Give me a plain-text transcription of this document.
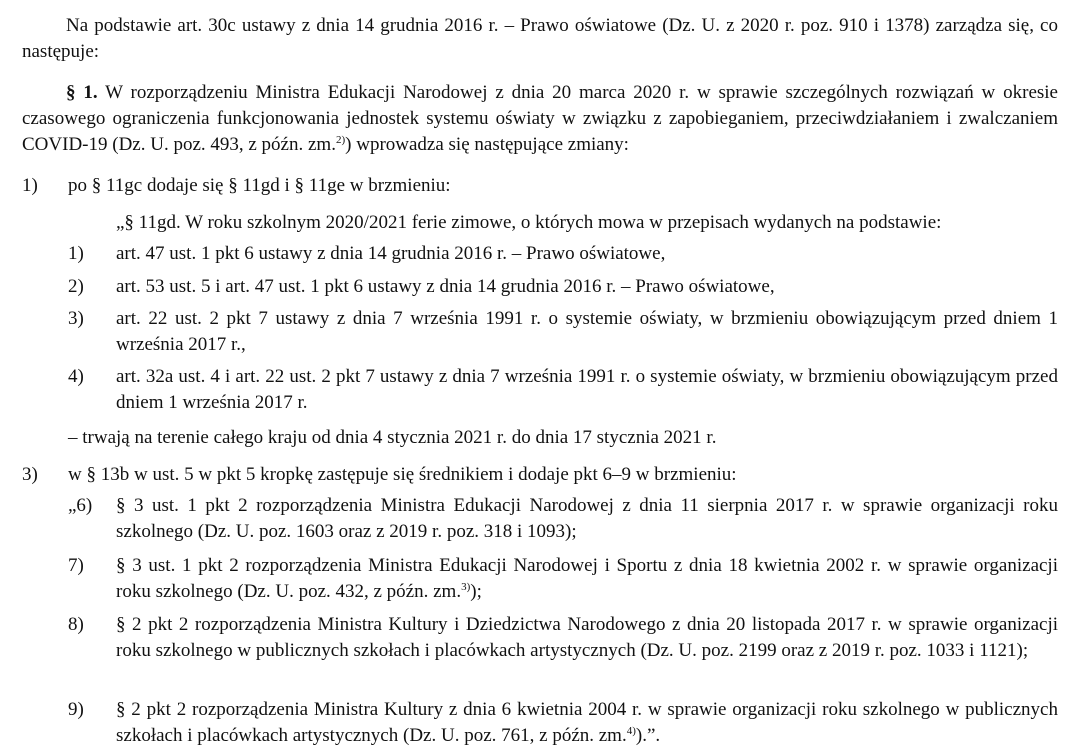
Na podstawie art. 30c ustawy z dnia 14 grudnia 2016 r. – Prawo oświatowe (Dz. U. z 2020 r. poz. 910 i 1378) zarządza się, co następuje:
§ 1. W rozporządzeniu Ministra Edukacji Narodowej z dnia 20 marca 2020 r. w sprawie szczególnych rozwiązań w okresie czasowego ograniczenia funkcjonowania jednostek systemu oświaty w związku z zapobieganiem, przeciwdziałaniem i zwalczaniem COVID-19 (Dz. U. poz. 493, z późn. zm.$^{2)}$) wprowadza się następujące zmiany:
1)	po § 11gc dodaje się § 11gd i § 11ge w brzmieniu:
„§ 11gd. W roku szkolnym 2020/2021 ferie zimowe, o których mowa w przepisach wydanych na podstawie:
1)	art. 47 ust. 1 pkt 6 ustawy z dnia 14 grudnia 2016 r. – Prawo oświatowe,
2)	art. 53 ust. 5 i art. 47 ust. 1 pkt 6 ustawy z dnia 14 grudnia 2016 r. – Prawo oświatowe,
3)	art. 22 ust. 2 pkt 7 ustawy z dnia 7 września 1991 r. o systemie oświaty, w brzmieniu obowiązującym przed dniem 1 września 2017 r.,
4)	art. 32a ust. 4 i art. 22 ust. 2 pkt 7 ustawy z dnia 7 września 1991 r. o systemie oświaty, w brzmieniu obowiązującym przed dniem 1 września 2017 r.
– trwają na terenie całego kraju od dnia 4 stycznia 2021 r. do dnia 17 stycznia 2021 r.
3)	w § 13b w ust. 5 w pkt 5 kropkę zastępuje się średnikiem i dodaje pkt 6–9 w brzmieniu:
„6)	§ 3 ust. 1 pkt 2 rozporządzenia Ministra Edukacji Narodowej z dnia 11 sierpnia 2017 r. w sprawie organizacji roku szkolnego (Dz. U. poz. 1603 oraz z 2019 r. poz. 318 i 1093);
7)	§ 3 ust. 1 pkt 2 rozporządzenia Ministra Edukacji Narodowej i Sportu z dnia 18 kwietnia 2002 r. w sprawie organizacji roku szkolnego (Dz. U. poz. 432, z późn. zm.$^{3)}$);
8)	§ 2 pkt 2 rozporządzenia Ministra Kultury i Dziedzictwa Narodowego z dnia 20 listopada 2017 r. w sprawie organizacji roku szkolnego w publicznych szkołach i placówkach artystycznych (Dz. U. poz. 2199 oraz z 2019 r. poz. 1033 i 1121);
9)	§ 2 pkt 2 rozporządzenia Ministra Kultury z dnia 6 kwietnia 2004 r. w sprawie organizacji roku szkolnego w publicznych szkołach i placówkach artystycznych (Dz. U. poz. 761, z późn. zm.$^{4)}$).”.
